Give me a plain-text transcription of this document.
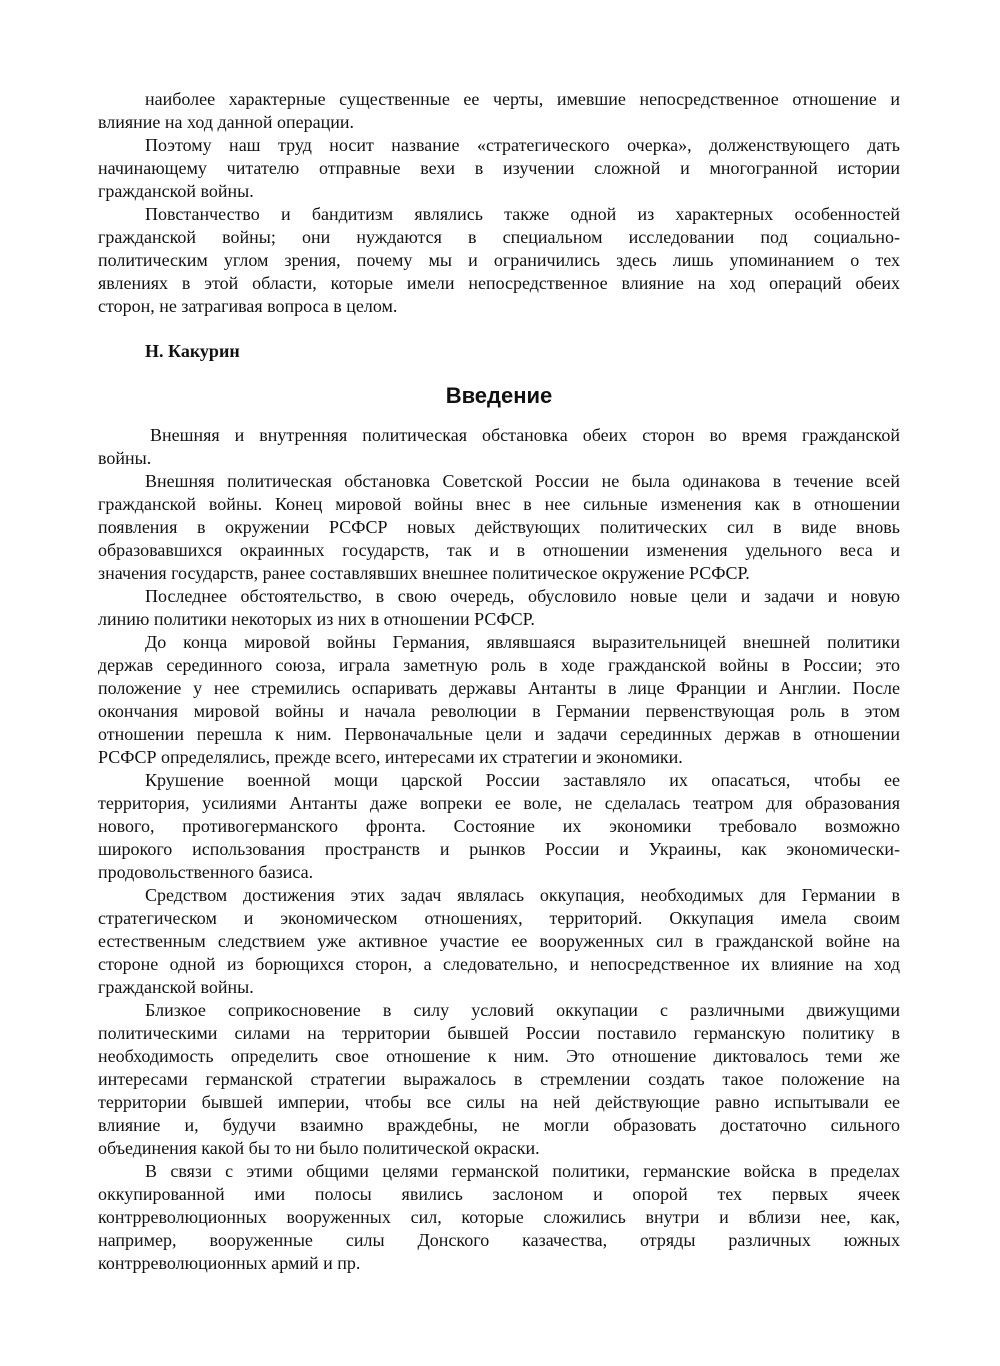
наиболее характерные существенные ее черты, имевшие непосредственное отношение и
влияние на ход данной операции.
Поэтому наш труд носит название «стратегического очерка», долженствующего дать
начинающему читателю отправные вехи в изучении сложной и многогранной истории
гражданской войны.
Повстанчество и бандитизм являлись также одной из характерных особенностей
гражданской войны; они нуждаются в специальном исследовании под социально-
политическим углом зрения, почему мы и ограничились здесь лишь упоминанием о тех
явлениях в этой области, которые имели непосредственное влияние на ход операций обеих
сторон, не затрагивая вопроса в целом.
Н. Какурин
Введение
Внешняя и внутренняя политическая обстановка обеих сторон во время гражданской
войны.
Внешняя политическая обстановка Советской России не была одинакова в течение всей
гражданской войны. Конец мировой войны внес в нее сильные изменения как в отношении
появления в окружении РСФСР новых действующих политических сил в виде вновь
образовавшихся окраинных государств, так и в отношении изменения удельного веса и
значения государств, ранее составлявших внешнее политическое окружение РСФСР.
Последнее обстоятельство, в свою очередь, обусловило новые цели и задачи и новую
линию политики некоторых из них в отношении РСФСР.
До конца мировой войны Германия, являвшаяся выразительницей внешней политики
держав серединного союза, играла заметную роль в ходе гражданской войны в России; это
положение у нее стремились оспаривать державы Антанты в лице Франции и Англии. После
окончания мировой войны и начала революции в Германии первенствующая роль в этом
отношении перешла к ним. Первоначальные цели и задачи серединных держав в отношении
РСФСР определялись, прежде всего, интересами их стратегии и экономики.
Крушение военной мощи царской России заставляло их опасаться, чтобы ее
территория, усилиями Антанты даже вопреки ее воле, не сделалась театром для образования
нового, противогерманского фронта. Состояние их экономики требовало возможно
широкого использования пространств и рынков России и Украины, как экономически-
продовольственного базиса.
Средством достижения этих задач являлась оккупация, необходимых для Германии в
стратегическом и экономическом отношениях, территорий. Оккупация имела своим
естественным следствием уже активное участие ее вооруженных сил в гражданской войне на
стороне одной из борющихся сторон, а следовательно, и непосредственное их влияние на ход
гражданской войны.
Близкое соприкосновение в силу условий оккупации с различными движущими
политическими силами на территории бывшей России поставило германскую политику в
необходимость определить свое отношение к ним. Это отношение диктовалось теми же
интересами германской стратегии выражалось в стремлении создать такое положение на
территории бывшей империи, чтобы все силы на ней действующие равно испытывали ее
влияние и, будучи взаимно враждебны, не могли образовать достаточно сильного
объединения какой бы то ни было политической окраски.
В связи с этими общими целями германской политики, германские войска в пределах
оккупированной ими полосы явились заслоном и опорой тех первых ячеек
контрреволюционных вооруженных сил, которые сложились внутри и вблизи нее, как,
например, вооруженные силы Донского казачества, отряды различных южных
контрреволюционных армий и пр.
